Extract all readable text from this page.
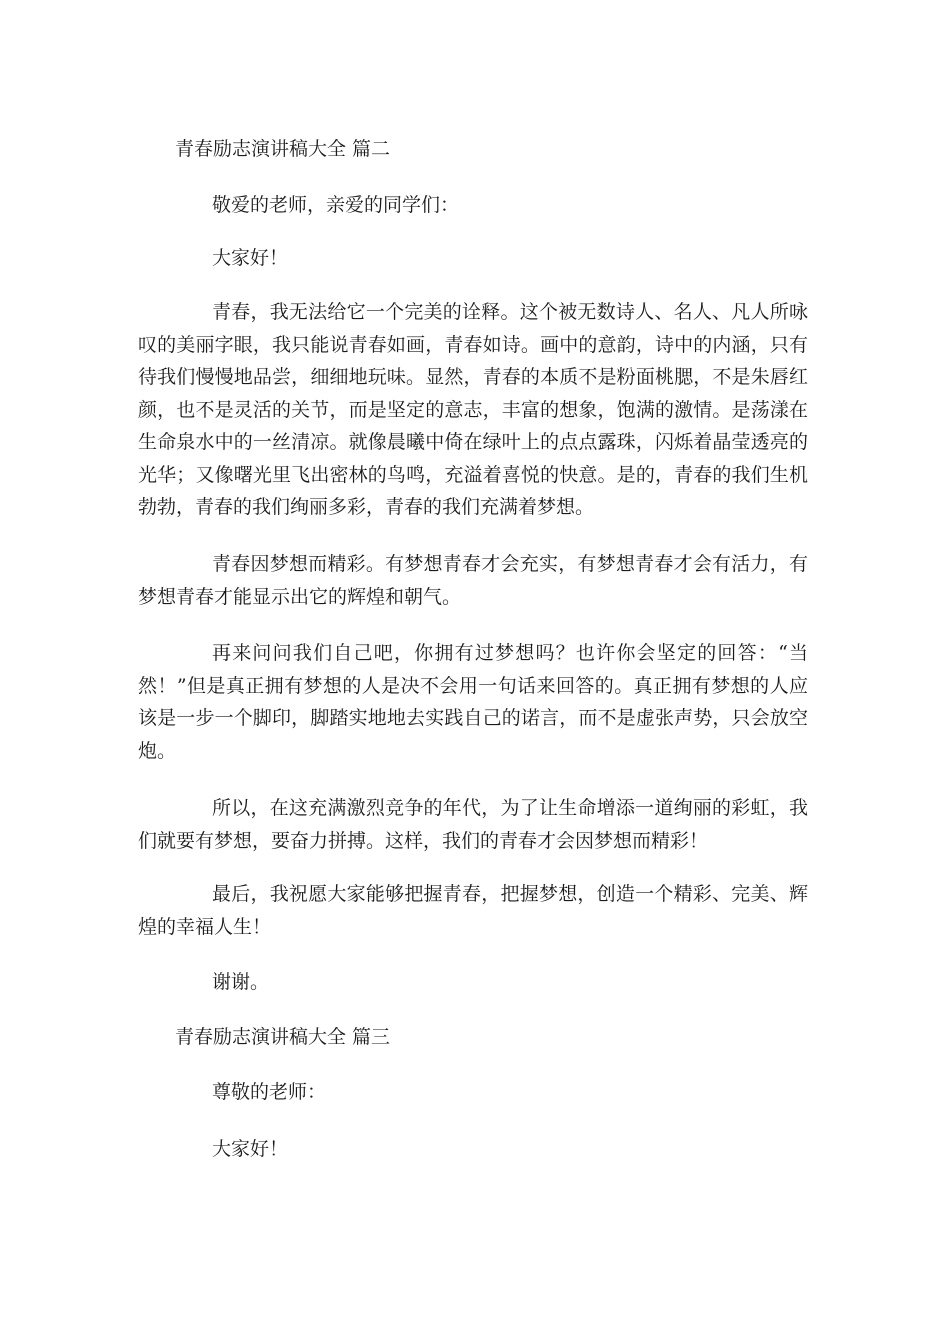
青春励志演讲稿大全 篇二
敬爱的老师，亲爱的同学们：
大家好！
青春，我无法给它一个完美的诠释。这个被无数诗人、名人、凡人所咏叹的美丽字眼，我只能说青春如画，青春如诗。画中的意韵，诗中的内涵，只有待我们慢慢地品尝，细细地玩味。显然，青春的本质不是粉面桃腮，不是朱唇红颜，也不是灵活的关节，而是坚定的意志，丰富的想象，饱满的激情。是荡漾在生命泉水中的一丝清凉。就像晨曦中倚在绿叶上的点点露珠，闪烁着晶莹透亮的光华；又像曙光里飞出密林的鸟鸣，充溢着喜悦的快意。是的，青春的我们生机勃勃，青春的我们绚丽多彩，青春的我们充满着梦想。
青春因梦想而精彩。有梦想青春才会充实，有梦想青春才会有活力，有梦想青春才能显示出它的辉煌和朝气。
再来问问我们自己吧，你拥有过梦想吗？也许你会坚定的回答：“当然！”但是真正拥有梦想的人是决不会用一句话来回答的。真正拥有梦想的人应该是一步一个脚印，脚踏实地地去实践自己的诺言，而不是虚张声势，只会放空炮。
所以，在这充满激烈竞争的年代，为了让生命增添一道绚丽的彩虹，我们就要有梦想，要奋力拼搏。这样，我们的青春才会因梦想而精彩！
最后，我祝愿大家能够把握青春，把握梦想，创造一个精彩、完美、辉煌的幸福人生！
谢谢。
青春励志演讲稿大全 篇三
尊敬的老师：
大家好！
